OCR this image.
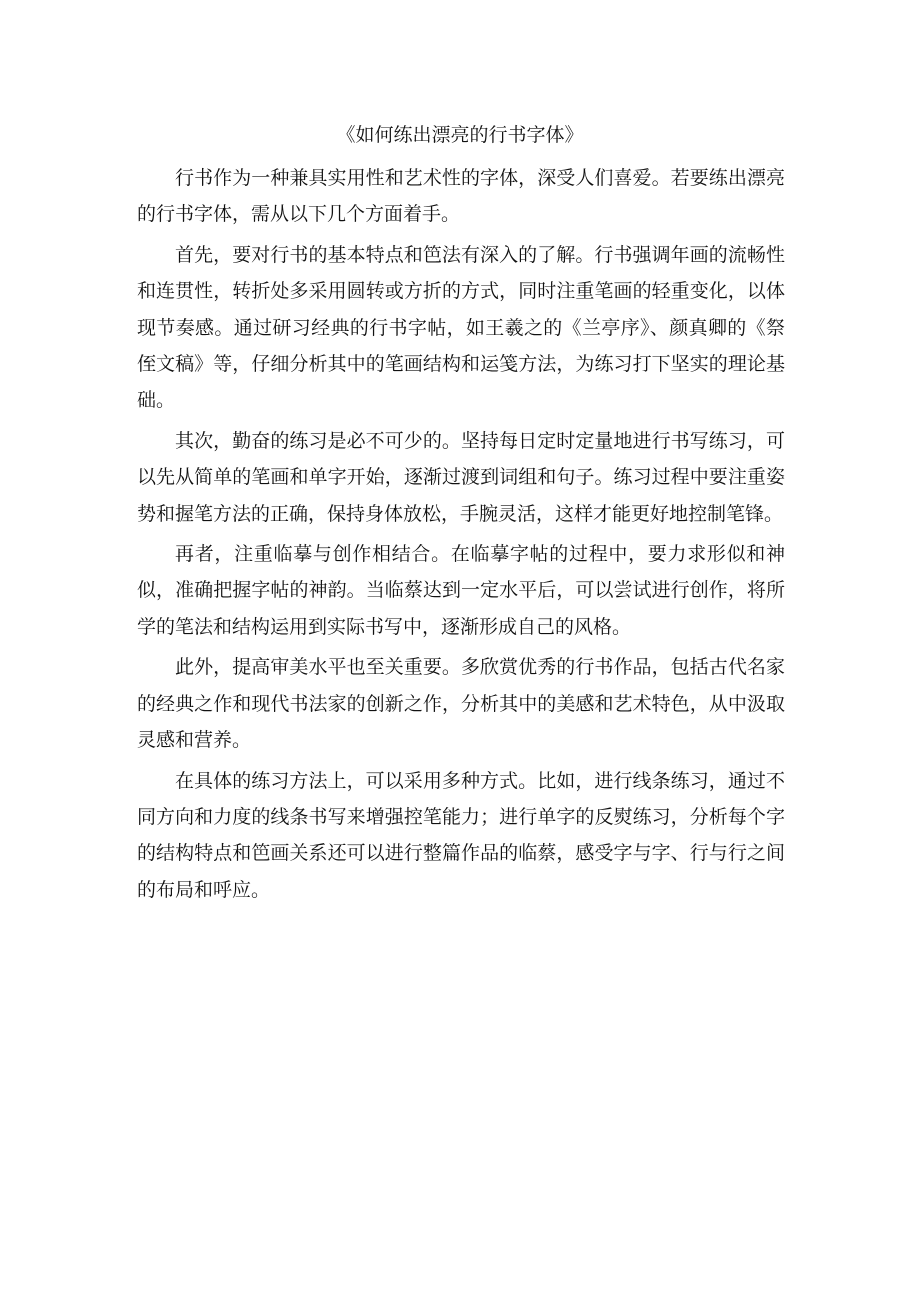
《如何练出漂亮的行书字体》

行书作为一种兼具实用性和艺术性的字体，深受人们喜爱。若要练出漂亮的行书字体，需从以下几个方面着手。

首先，要对行书的基本特点和笆法有深入的了解。行书强调年画的流畅性和连贯性，转折处多采用圆转或方折的方式，同时注重笔画的轻重变化，以体现节奏感。通过研习经典的行书字帖，如王羲之的《兰亭序》、颜真卿的《祭侄文稿》等，仔细分析其中的笔画结构和运笺方法，为练习打下坚实的理论基础。

其次，勤奋的练习是必不可少的。坚持每日定时定量地进行书写练习，可以先从简单的笔画和单字开始，逐渐过渡到词组和句子。练习过程中要注重姿势和握笔方法的正确，保持身体放松，手腕灵活，这样才能更好地控制笔锋。

再者，注重临摹与创作相结合。在临摹字帖的过程中，要力求形似和神似，准确把握字帖的神韵。当临蔡达到一定水平后，可以尝试进行创作，将所学的笔法和结构运用到实际书写中，逐渐形成自己的风格。

此外，提高审美水平也至关重要。多欣赏优秀的行书作品，包括古代名家的经典之作和现代书法家的创新之作，分析其中的美感和艺术特色，从中汲取灵感和营养。

在具体的练习方法上，可以采用多种方式。比如，进行线条练习，通过不同方向和力度的线条书写来增强控笔能力；进行单字的反熨练习，分析每个字的结构特点和笆画关系还可以进行整篇作品的临蔡，感受字与字、行与行之间的布局和呼应。
